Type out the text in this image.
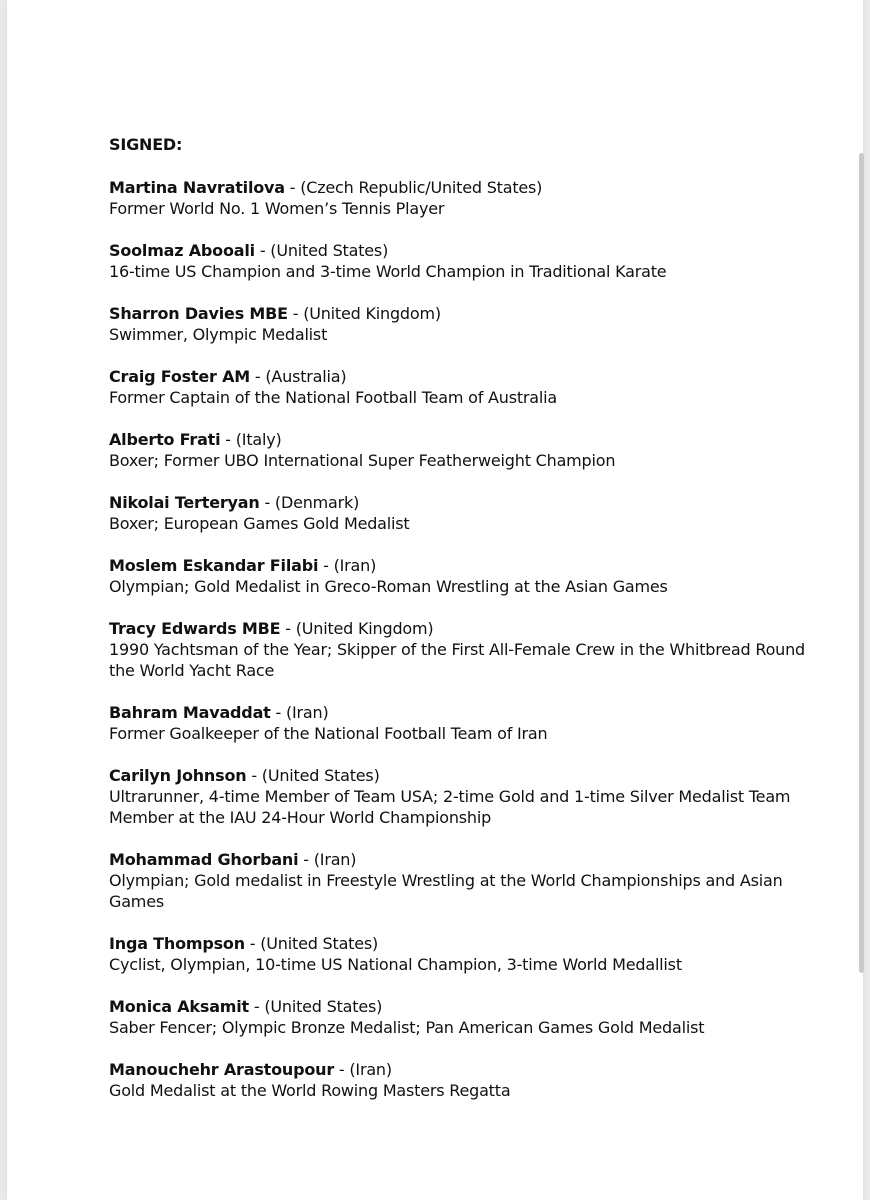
SIGNED:
Martina Navratilova - (Czech Republic/United States)
Former World No. 1 Women’s Tennis Player
Soolmaz Abooali - (United States)
16-time US Champion and 3-time World Champion in Traditional Karate
Sharron Davies MBE - (United Kingdom)
Swimmer, Olympic Medalist
Craig Foster AM - (Australia)
Former Captain of the National Football Team of Australia
Alberto Frati - (Italy)
Boxer; Former UBO International Super Featherweight Champion
Nikolai Terteryan - (Denmark)
Boxer; European Games Gold Medalist
Moslem Eskandar Filabi - (Iran)
Olympian; Gold Medalist in Greco-Roman Wrestling at the Asian Games
Tracy Edwards MBE - (United Kingdom)
1990 Yachtsman of the Year; Skipper of the First All-Female Crew in the Whitbread Round the World Yacht Race
Bahram Mavaddat - (Iran)
Former Goalkeeper of the National Football Team of Iran
Carilyn Johnson - (United States)
Ultrarunner, 4-time Member of Team USA; 2-time Gold and 1-time Silver Medalist Team Member at the IAU 24-Hour World Championship
Mohammad Ghorbani - (Iran)
Olympian; Gold medalist in Freestyle Wrestling at the World Championships and Asian Games
Inga Thompson - (United States)
Cyclist, Olympian, 10-time US National Champion, 3-time World Medallist
Monica Aksamit - (United States)
Saber Fencer; Olympic Bronze Medalist; Pan American Games Gold Medalist
Manouchehr Arastoupour - (Iran)
Gold Medalist at the World Rowing Masters Regatta
